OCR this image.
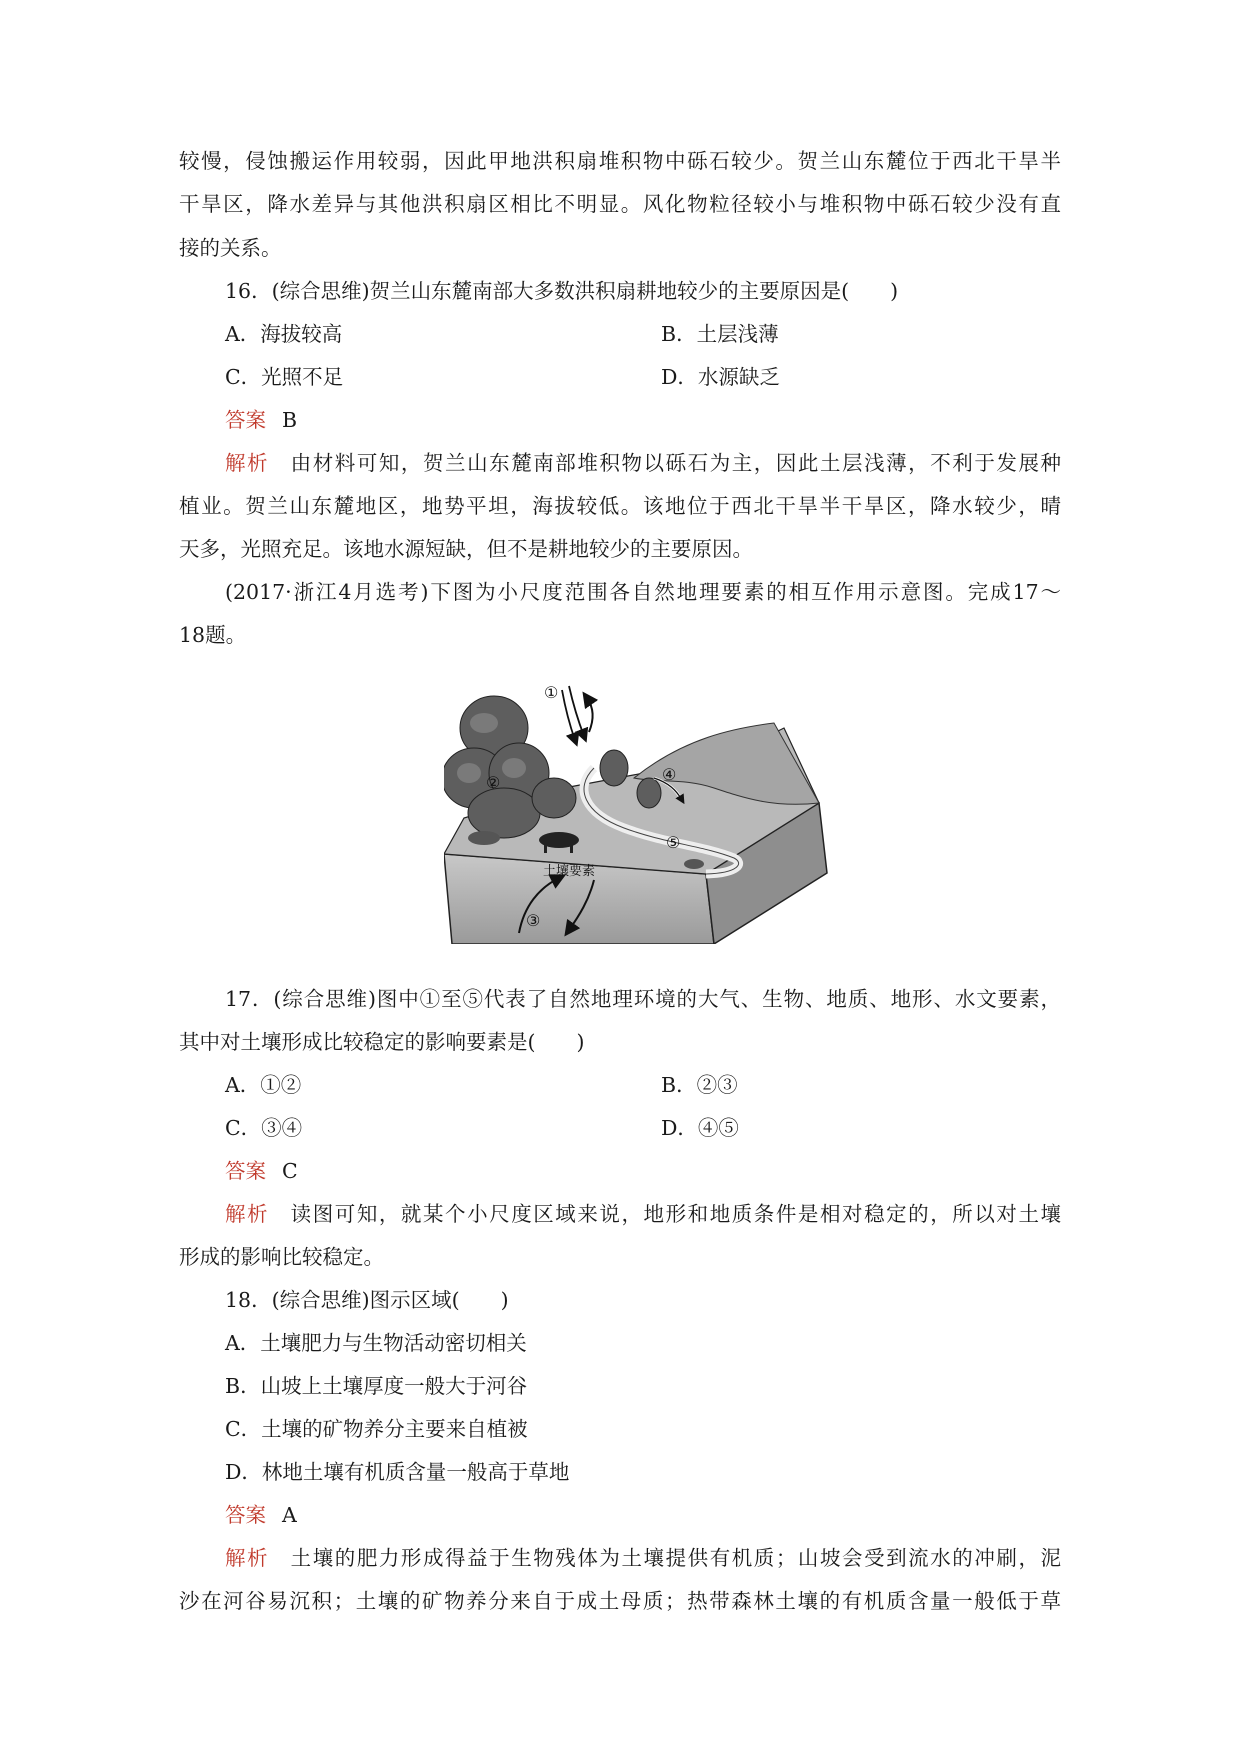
较慢，侵蚀搬运作用较弱，因此甲地洪积扇堆积物中砾石较少。贺兰山东麓位于西北干旱半
干旱区，降水差异与其他洪积扇区相比不明显。风化物粒径较小与堆积物中砾石较少没有直
接的关系。
16．(综合思维)贺兰山东麓南部大多数洪积扇耕地较少的主要原因是(　　)
A．海拔较高	B．土层浅薄
C．光照不足	D．水源缺乏
答案 B
解析 由材料可知，贺兰山东麓南部堆积物以砾石为主，因此土层浅薄，不利于发展种
植业。贺兰山东麓地区，地势平坦，海拔较低。该地位于西北干旱半干旱区，降水较少，晴
天多，光照充足。该地水源短缺，但不是耕地较少的主要原因。
(2017·浙江4月选考)下图为小尺度范围各自然地理要素的相互作用示意图。完成17～
18题。
土壤要素
①
②
③
④
⑤
17．(综合思维)图中①至⑤代表了自然地理环境的大气、生物、地质、地形、水文要素，
其中对土壤形成比较稳定的影响要素是(　　)
A．①②	B．②③
C．③④	D．④⑤
答案 C
解析 读图可知，就某个小尺度区域来说，地形和地质条件是相对稳定的，所以对土壤
形成的影响比较稳定。
18．(综合思维)图示区域(　　)
A．土壤肥力与生物活动密切相关
B．山坡上土壤厚度一般大于河谷
C．土壤的矿物养分主要来自植被
D．林地土壤有机质含量一般高于草地
答案 A
解析 土壤的肥力形成得益于生物残体为土壤提供有机质；山坡会受到流水的冲刷，泥
沙在河谷易沉积；土壤的矿物养分来自于成土母质；热带森林土壤的有机质含量一般低于草
